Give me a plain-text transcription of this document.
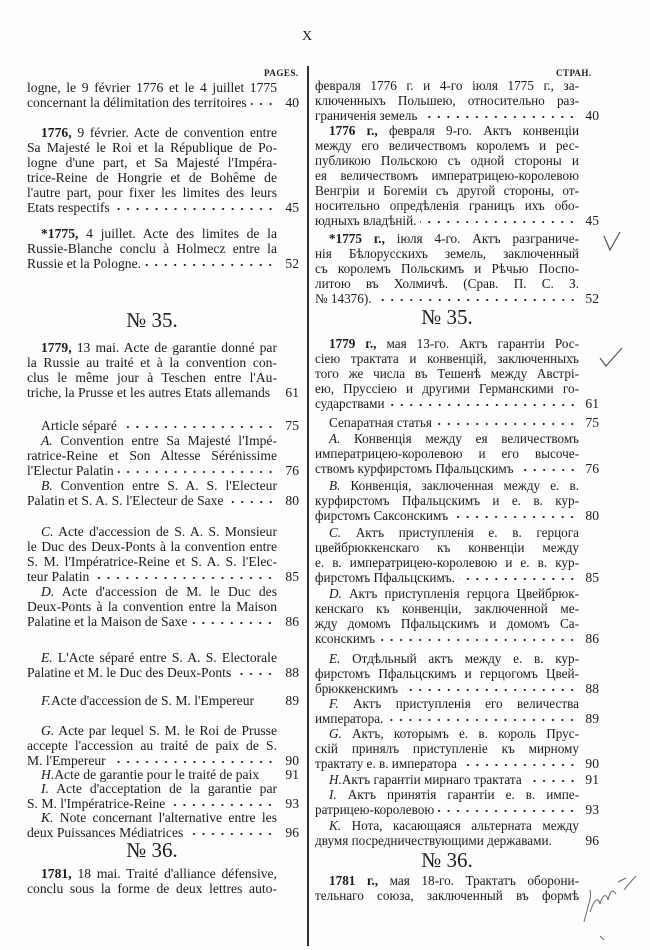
X
PAGES.	СТРАН.
logne, le 9 février 1776 et le 4 juillet 1775
concernant la délimitation des territoires	40
1776, 9 février. Acte de convention entre
Sa Majesté le Roi et la République de Po-
logne d'une part, et Sa Majesté l'Impéra-
trice-Reine de Hongrie et de Bohême de
l'autre part, pour fixer les limites des leurs
Etats respectifs	45
*1775, 4 juillet. Acte des limites de la
Russie-Blanche conclu à Holmecz entre la
Russie et la Pologne.	52
№ 35.
1779, 13 mai. Acte de garantie donné par
la Russie au traité et à la convention con-
clus le même jour à Teschen entre l'Au-
triche, la Prusse et les autres Etats allemands	61
Article séparé	75
A. Convention entre Sa Majesté l'Impé-
ratrice-Reine et Son Altesse Sérénissime
l'Electur Palatin	76
B. Convention entre S. A. S. l'Electeur
Palatin et S. A. S. l'Electeur de Saxe	80
C. Acte d'accession de S. A. S. Monsieur
le Duc des Deux-Ponts à la convention entre
S. M. l'Impératrice-Reine et S. A. S. l'Elec-
teur Palatin	85
D. Acte d'accession de M. le Duc des
Deux-Ponts à la convention entre la Maison
Palatine et la Maison de Saxe	86
E. L'Acte séparé entre S. A. S. Electorale
Palatine et M. le Duc des Deux-Ponts	88
F. Acte d'accession de S. M. l'Empereur	89
G. Acte par lequel S. M. le Roi de Prusse
accepte l'accession au traité de paix de S.
M. l'Empereur	90
H. Acte de garantie pour le traité de paix	91
I. Acte d'acceptation de la garantie par
S. M. l'Impératrice-Reine	93
K. Note concernant l'alternative entre les
deux Puissances Médiatrices	96
№ 36.
1781, 18 mai. Traité d'alliance défensive,
conclu sous la forme de deux lettres auto-
февраля 1776 г. и 4-го іюля 1775 г., за-
ключенныхъ Польшею, относительно раз-
граниченія земель	40
1776 г., февраля 9-го. Актъ конвенціи
между его величествомъ королемъ и рес-
публикою Польскою съ одной стороны и
ея величествомъ императрицею-королевою
Венгріи и Богеміи съ другой стороны, от-
носительно опредѣленія границъ ихъ обо-
юдныхъ владѣній.	45
*1775 г., іюля 4-го. Актъ разграниче-
нія Бѣлорусскихъ земель, заключенный
съ королемъ Польскимъ и Рѣчью Поспо-
литою въ Холмичѣ. (Срав. П. С. З.
№ 14376).	52
№ 35.
1779 г., мая 13-го. Актъ гарантіи Рос-
сіею трактата и конвенцій, заключенныхъ
того же числа въ Тешенѣ между Австрі-
ею, Пруссіею и другими Германскими го-
сударствами	61
Сепаратная статья	75
A. Конвенція между ея величествомъ
императрицею-королевою и его высоче-
ствомъ курфирстомъ Пфальцскимъ	76
B. Конвенція, заключенная между е. в.
курфирстомъ Пфальцскимъ и е. в. кур-
фирстомъ Саксонскимъ	80
C. Актъ приступленія е. в. герцога
цвейбрюккенскаго къ конвенціи между
е. в. императрицею-королевою и е. в. кур-
фирстомъ Пфальцскимъ.	85
D. Актъ приступленія герцога Цвейбрюк-
кенскаго къ конвенціи, заключенной ме-
жду домомъ Пфальцскимъ и домомъ Са-
ксонскимъ	86
E. Отдѣльный актъ между е. в. кур-
фирстомъ Пфальцскимъ и герцогомъ Цвей-
брюккенскимъ	88
F. Актъ приступленія его величества
императора.	89
G. Актъ, которымъ е. в. король Прус-
скій принялъ приступленіе къ мирному
трактату е. в. императора	90
H. Актъ гарантіи мирнаго трактата	91
I. Актъ принятія гарантіи е. в. импе-
ратрицею-королевою	93
K. Нота, касающаяся альтерната между
двумя посредничествующими державами.	96
№ 36.
1781 г., мая 18-го. Трактатъ оборони-
тельнаго союза, заключенный въ формѣ
